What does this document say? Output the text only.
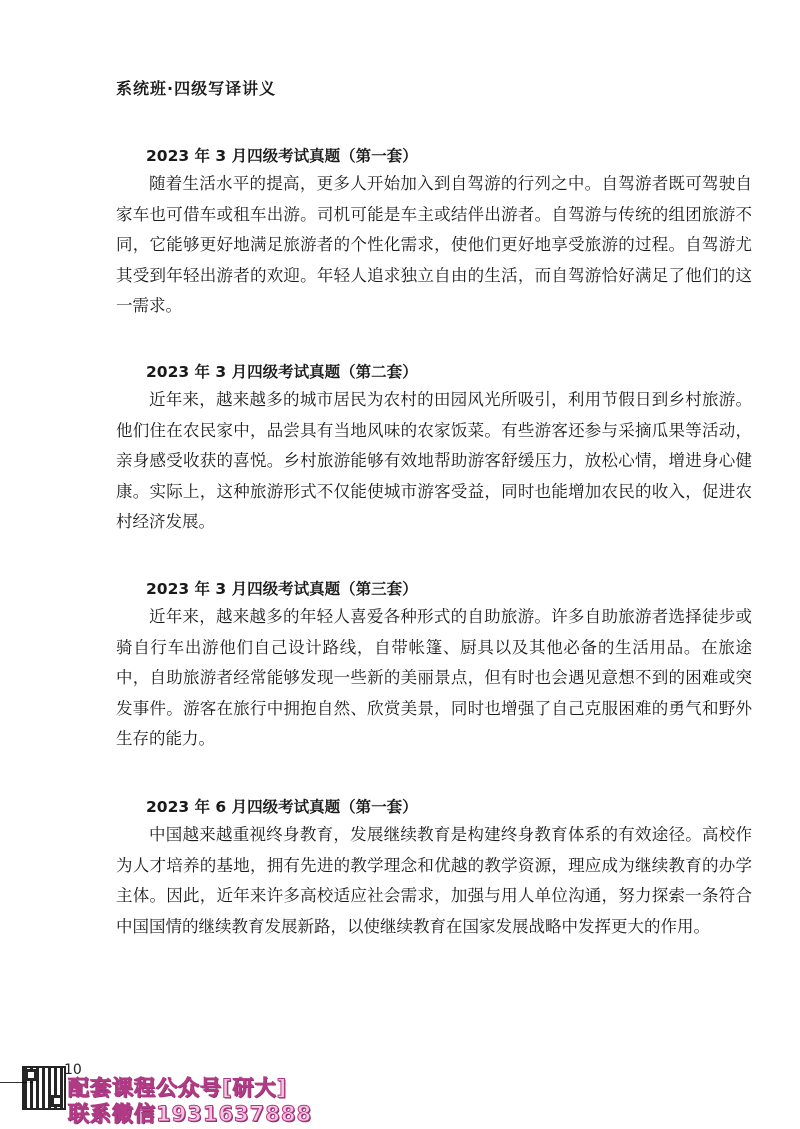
系统班·四级写译讲义
2023 年 3 月四级考试真题（第一套）

随着生活水平的提高，更多人开始加入到自驾游的行列之中。自驾游者既可驾驶自家车也可借车或租车出游。司机可能是车主或结伴出游者。自驾游与传统的组团旅游不同，它能够更好地满足旅游者的个性化需求，使他们更好地享受旅游的过程。自驾游尤其受到年轻出游者的欢迎。年轻人追求独立自由的生活，而自驾游恰好满足了他们的这一需求。

2023 年 3 月四级考试真题（第二套）

近年来，越来越多的城市居民为农村的田园风光所吸引，利用节假日到乡村旅游。他们住在农民家中，品尝具有当地风味的农家饭菜。有些游客还参与采摘瓜果等活动，亲身感受收获的喜悦。乡村旅游能够有效地帮助游客舒缓压力，放松心情，增进身心健康。实际上，这种旅游形式不仅能使城市游客受益，同时也能增加农民的收入，促进农村经济发展。

2023 年 3 月四级考试真题（第三套）

近年来，越来越多的年轻人喜爱各种形式的自助旅游。许多自助旅游者选择徒步或骑自行车出游他们自己设计路线，自带帐篷、厨具以及其他必备的生活用品。在旅途中，自助旅游者经常能够发现一些新的美丽景点，但有时也会遇见意想不到的困难或突发事件。游客在旅行中拥抱自然、欣赏美景，同时也增强了自己克服困难的勇气和野外生存的能力。

2023 年 6 月四级考试真题（第一套）

中国越来越重视终身教育，发展继续教育是构建终身教育体系的有效途径。高校作为人才培养的基地，拥有先进的教学理念和优越的教学资源，理应成为继续教育的办学主体。因此，近年来许多高校适应社会需求，加强与用人单位沟通，努力探索一条符合中国国情的继续教育发展新路，以使继续教育在国家发展战略中发挥更大的作用。

10
配套课程公众号[研大]
联系微信1931637888
